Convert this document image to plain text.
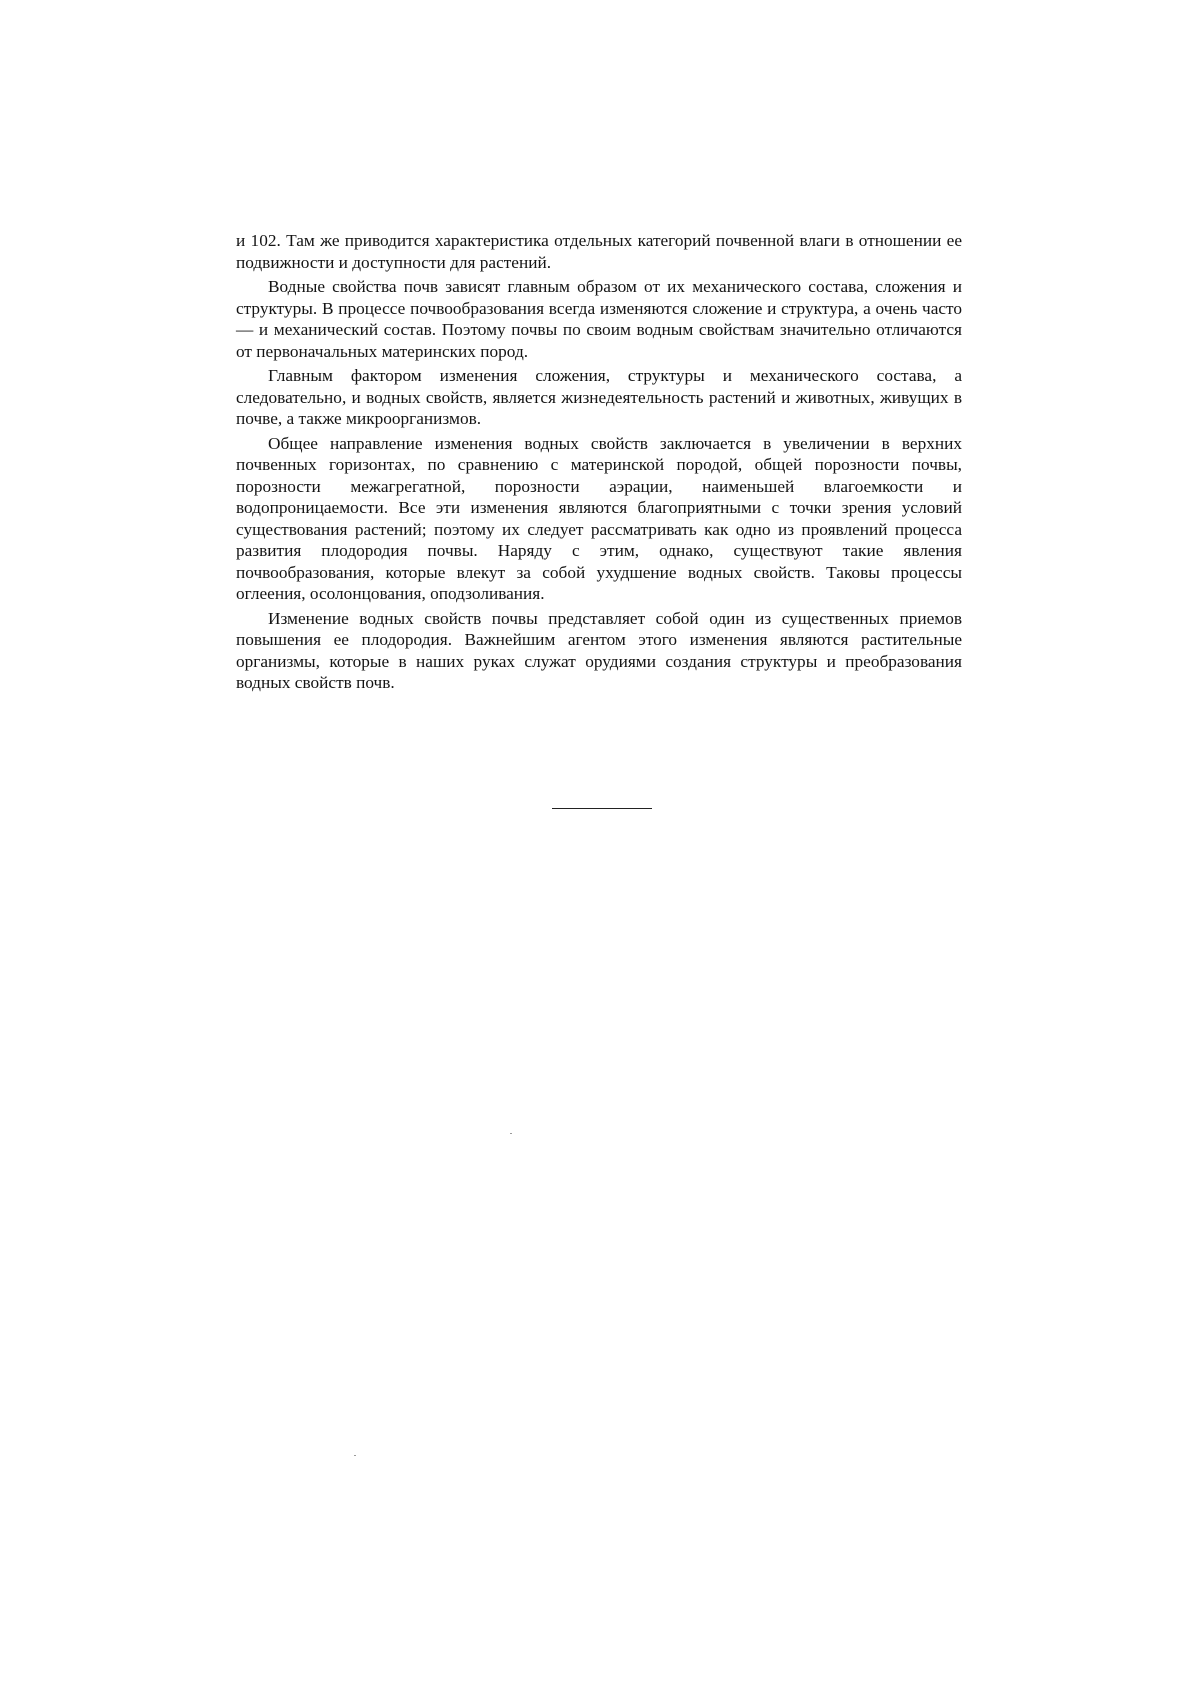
и 102. Там же приводится характеристика отдельных категорий почвенной влаги в отношении ее подвижности и доступности для растений.

Водные свойства почв зависят главным образом от их механического состава, сложения и структуры. В процессе почвообразования всегда изменяются сложение и структура, а очень часто — и механический состав. Поэтому почвы по своим водным свойствам значительно отличаются от первоначальных материнских пород.

Главным фактором изменения сложения, структуры и механического состава, а следовательно, и водных свойств, является жизнедеятельность растений и животных, живущих в почве, а также микроорганизмов.

Общее направление изменения водных свойств заключается в увеличении в верхних почвенных горизонтах, по сравнению с материнской породой, общей порозности почвы, порозности межагрегатной, порозности аэрации, наименьшей влагоемкости и водопроницаемости. Все эти изменения являются благоприятными с точки зрения условий существования растений; поэтому их следует рассматривать как одно из проявлений процесса развития плодородия почвы. Наряду с этим, однако, существуют такие явления почвообразования, которые влекут за собой ухудшение водных свойств. Таковы процессы оглеения, осолонцования, оподзоливания.

Изменение водных свойств почвы представляет собой один из существенных приемов повышения ее плодородия. Важнейшим агентом этого изменения являются растительные организмы, которые в наших руках служат орудиями создания структуры и преобразования водных свойств почв.
